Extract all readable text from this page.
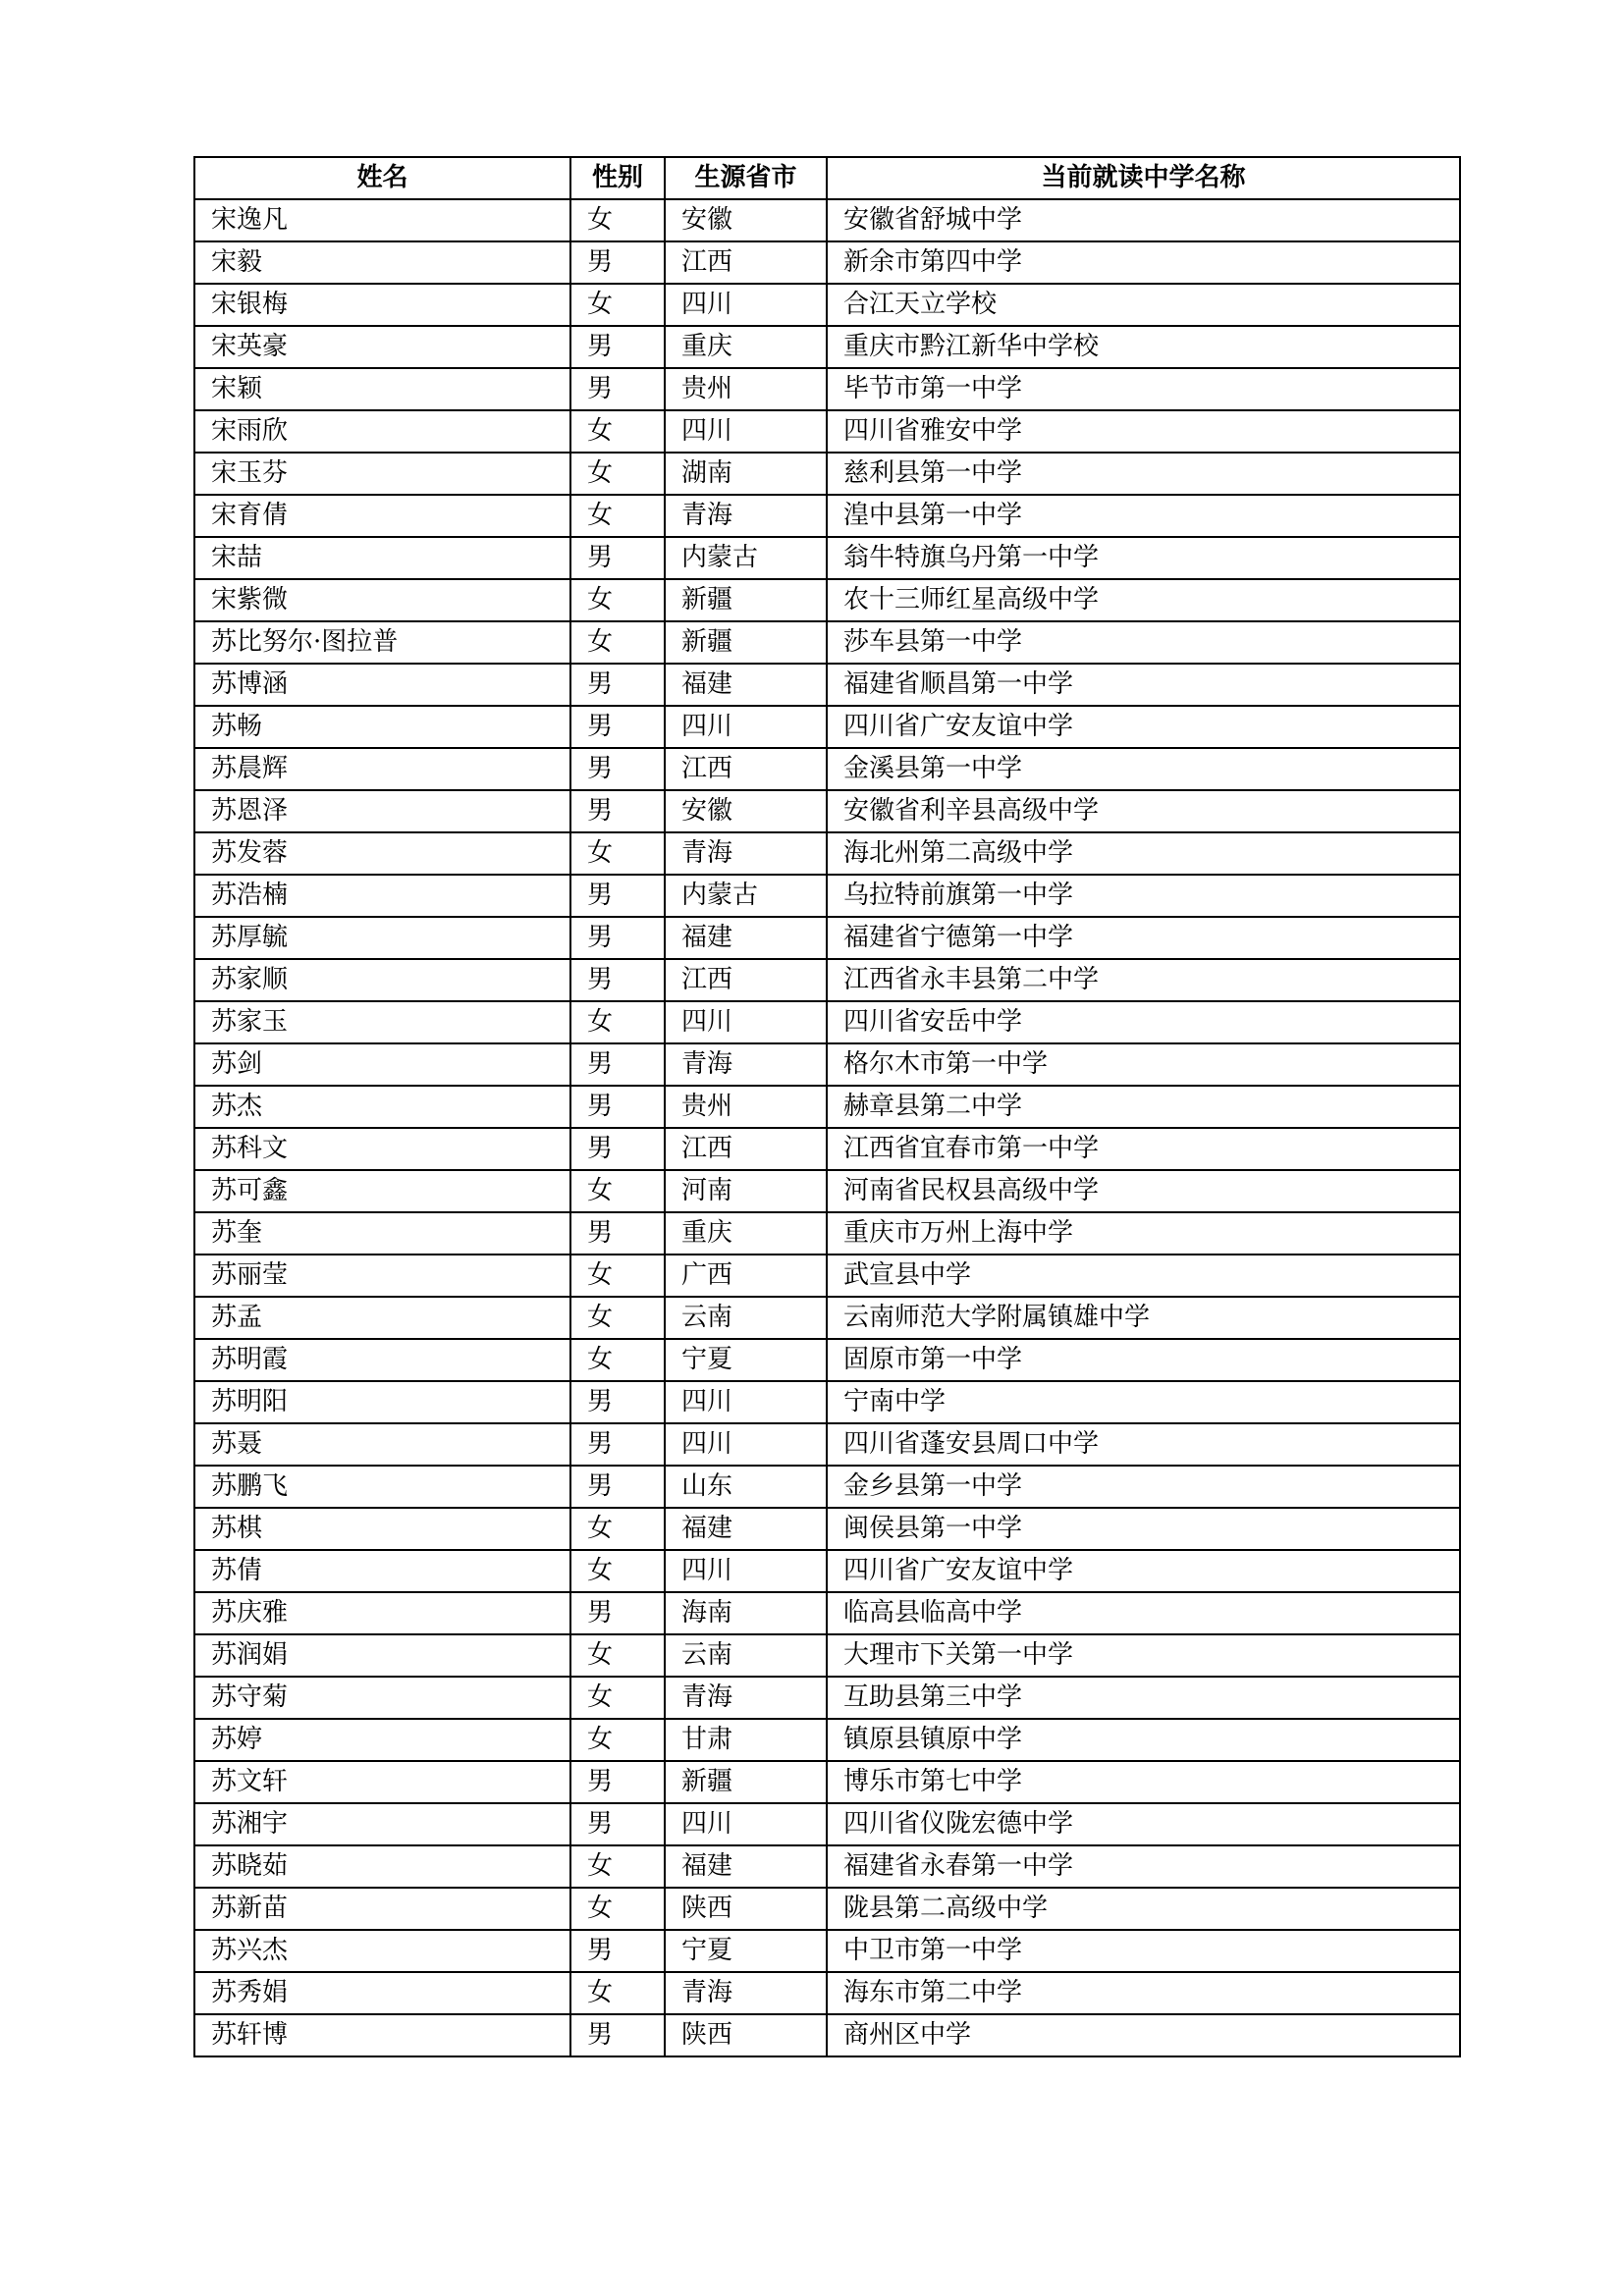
姓名	性别	生源省市	当前就读中学名称
宋逸凡	女	安徽	安徽省舒城中学
宋毅	男	江西	新余市第四中学
宋银梅	女	四川	合江天立学校
宋英豪	男	重庆	重庆市黔江新华中学校
宋颖	男	贵州	毕节市第一中学
宋雨欣	女	四川	四川省雅安中学
宋玉芬	女	湖南	慈利县第一中学
宋育倩	女	青海	湟中县第一中学
宋喆	男	内蒙古	翁牛特旗乌丹第一中学
宋紫微	女	新疆	农十三师红星高级中学
苏比努尔·图拉普	女	新疆	莎车县第一中学
苏博涵	男	福建	福建省顺昌第一中学
苏畅	男	四川	四川省广安友谊中学
苏晨辉	男	江西	金溪县第一中学
苏恩泽	男	安徽	安徽省利辛县高级中学
苏发蓉	女	青海	海北州第二高级中学
苏浩楠	男	内蒙古	乌拉特前旗第一中学
苏厚毓	男	福建	福建省宁德第一中学
苏家顺	男	江西	江西省永丰县第二中学
苏家玉	女	四川	四川省安岳中学
苏剑	男	青海	格尔木市第一中学
苏杰	男	贵州	赫章县第二中学
苏科文	男	江西	江西省宜春市第一中学
苏可鑫	女	河南	河南省民权县高级中学
苏奎	男	重庆	重庆市万州上海中学
苏丽莹	女	广西	武宣县中学
苏孟	女	云南	云南师范大学附属镇雄中学
苏明霞	女	宁夏	固原市第一中学
苏明阳	男	四川	宁南中学
苏聂	男	四川	四川省蓬安县周口中学
苏鹏飞	男	山东	金乡县第一中学
苏棋	女	福建	闽侯县第一中学
苏倩	女	四川	四川省广安友谊中学
苏庆雅	男	海南	临高县临高中学
苏润娟	女	云南	大理市下关第一中学
苏守菊	女	青海	互助县第三中学
苏婷	女	甘肃	镇原县镇原中学
苏文轩	男	新疆	博乐市第七中学
苏湘宇	男	四川	四川省仪陇宏德中学
苏晓茹	女	福建	福建省永春第一中学
苏新苗	女	陕西	陇县第二高级中学
苏兴杰	男	宁夏	中卫市第一中学
苏秀娟	女	青海	海东市第二中学
苏轩博	男	陕西	商州区中学
